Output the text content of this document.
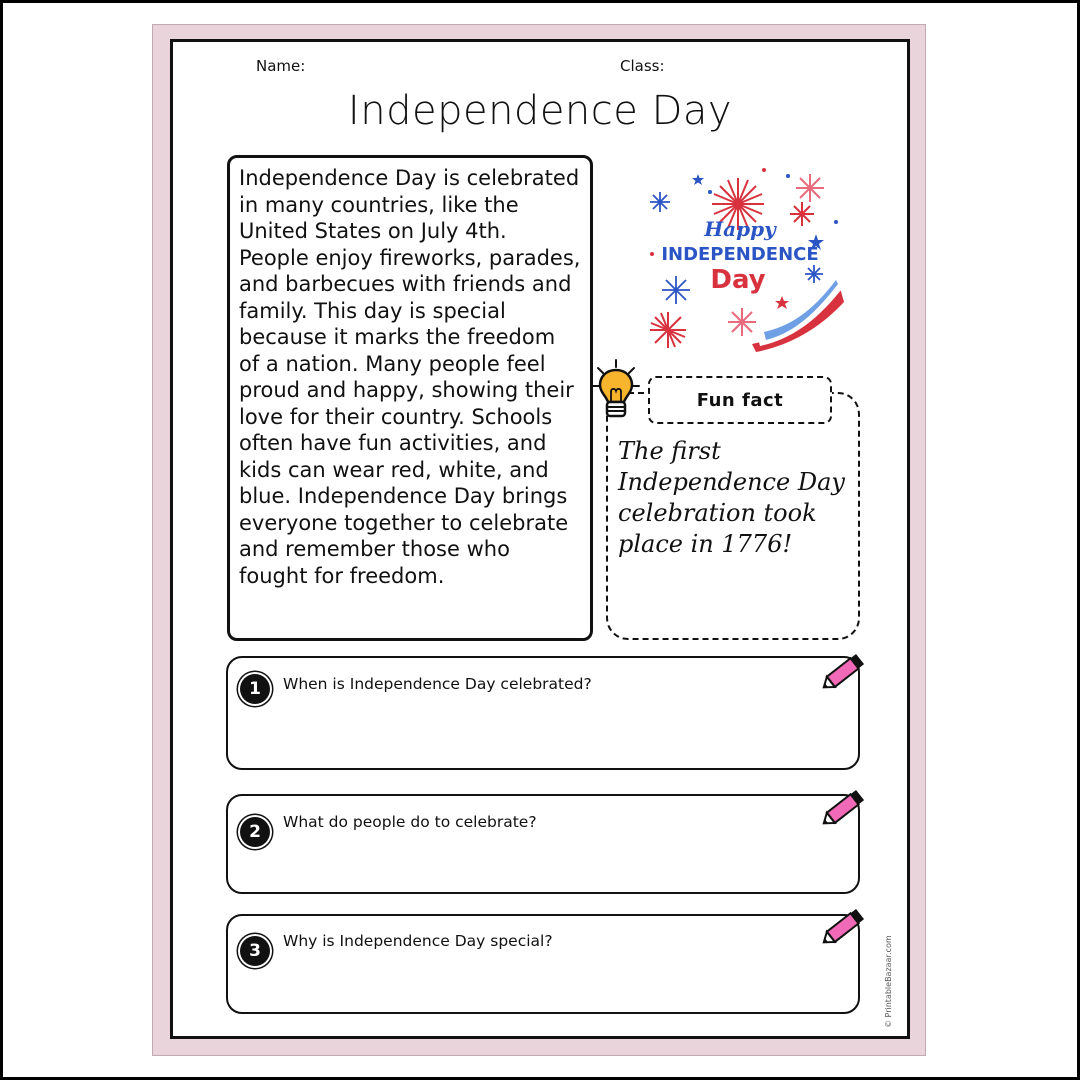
Name:	Class:
Independence Day
Independence Day is celebrated in many countries, like the United States on July 4th. People enjoy fireworks, parades, and barbecues with friends and family. This day is special because it marks the freedom of a nation. Many people feel proud and happy, showing their love for their country. Schools often have fun activities, and kids can wear red, white, and blue. Independence Day brings everyone together to celebrate and remember those who fought for freedom.
Happy
INDEPENDENCE
Day
Fun fact
The first Independence Day celebration took place in 1776!
1	When is Independence Day celebrated?
2	What do people do to celebrate?
3	Why is Independence Day special?	© PrintableBazaar.com
